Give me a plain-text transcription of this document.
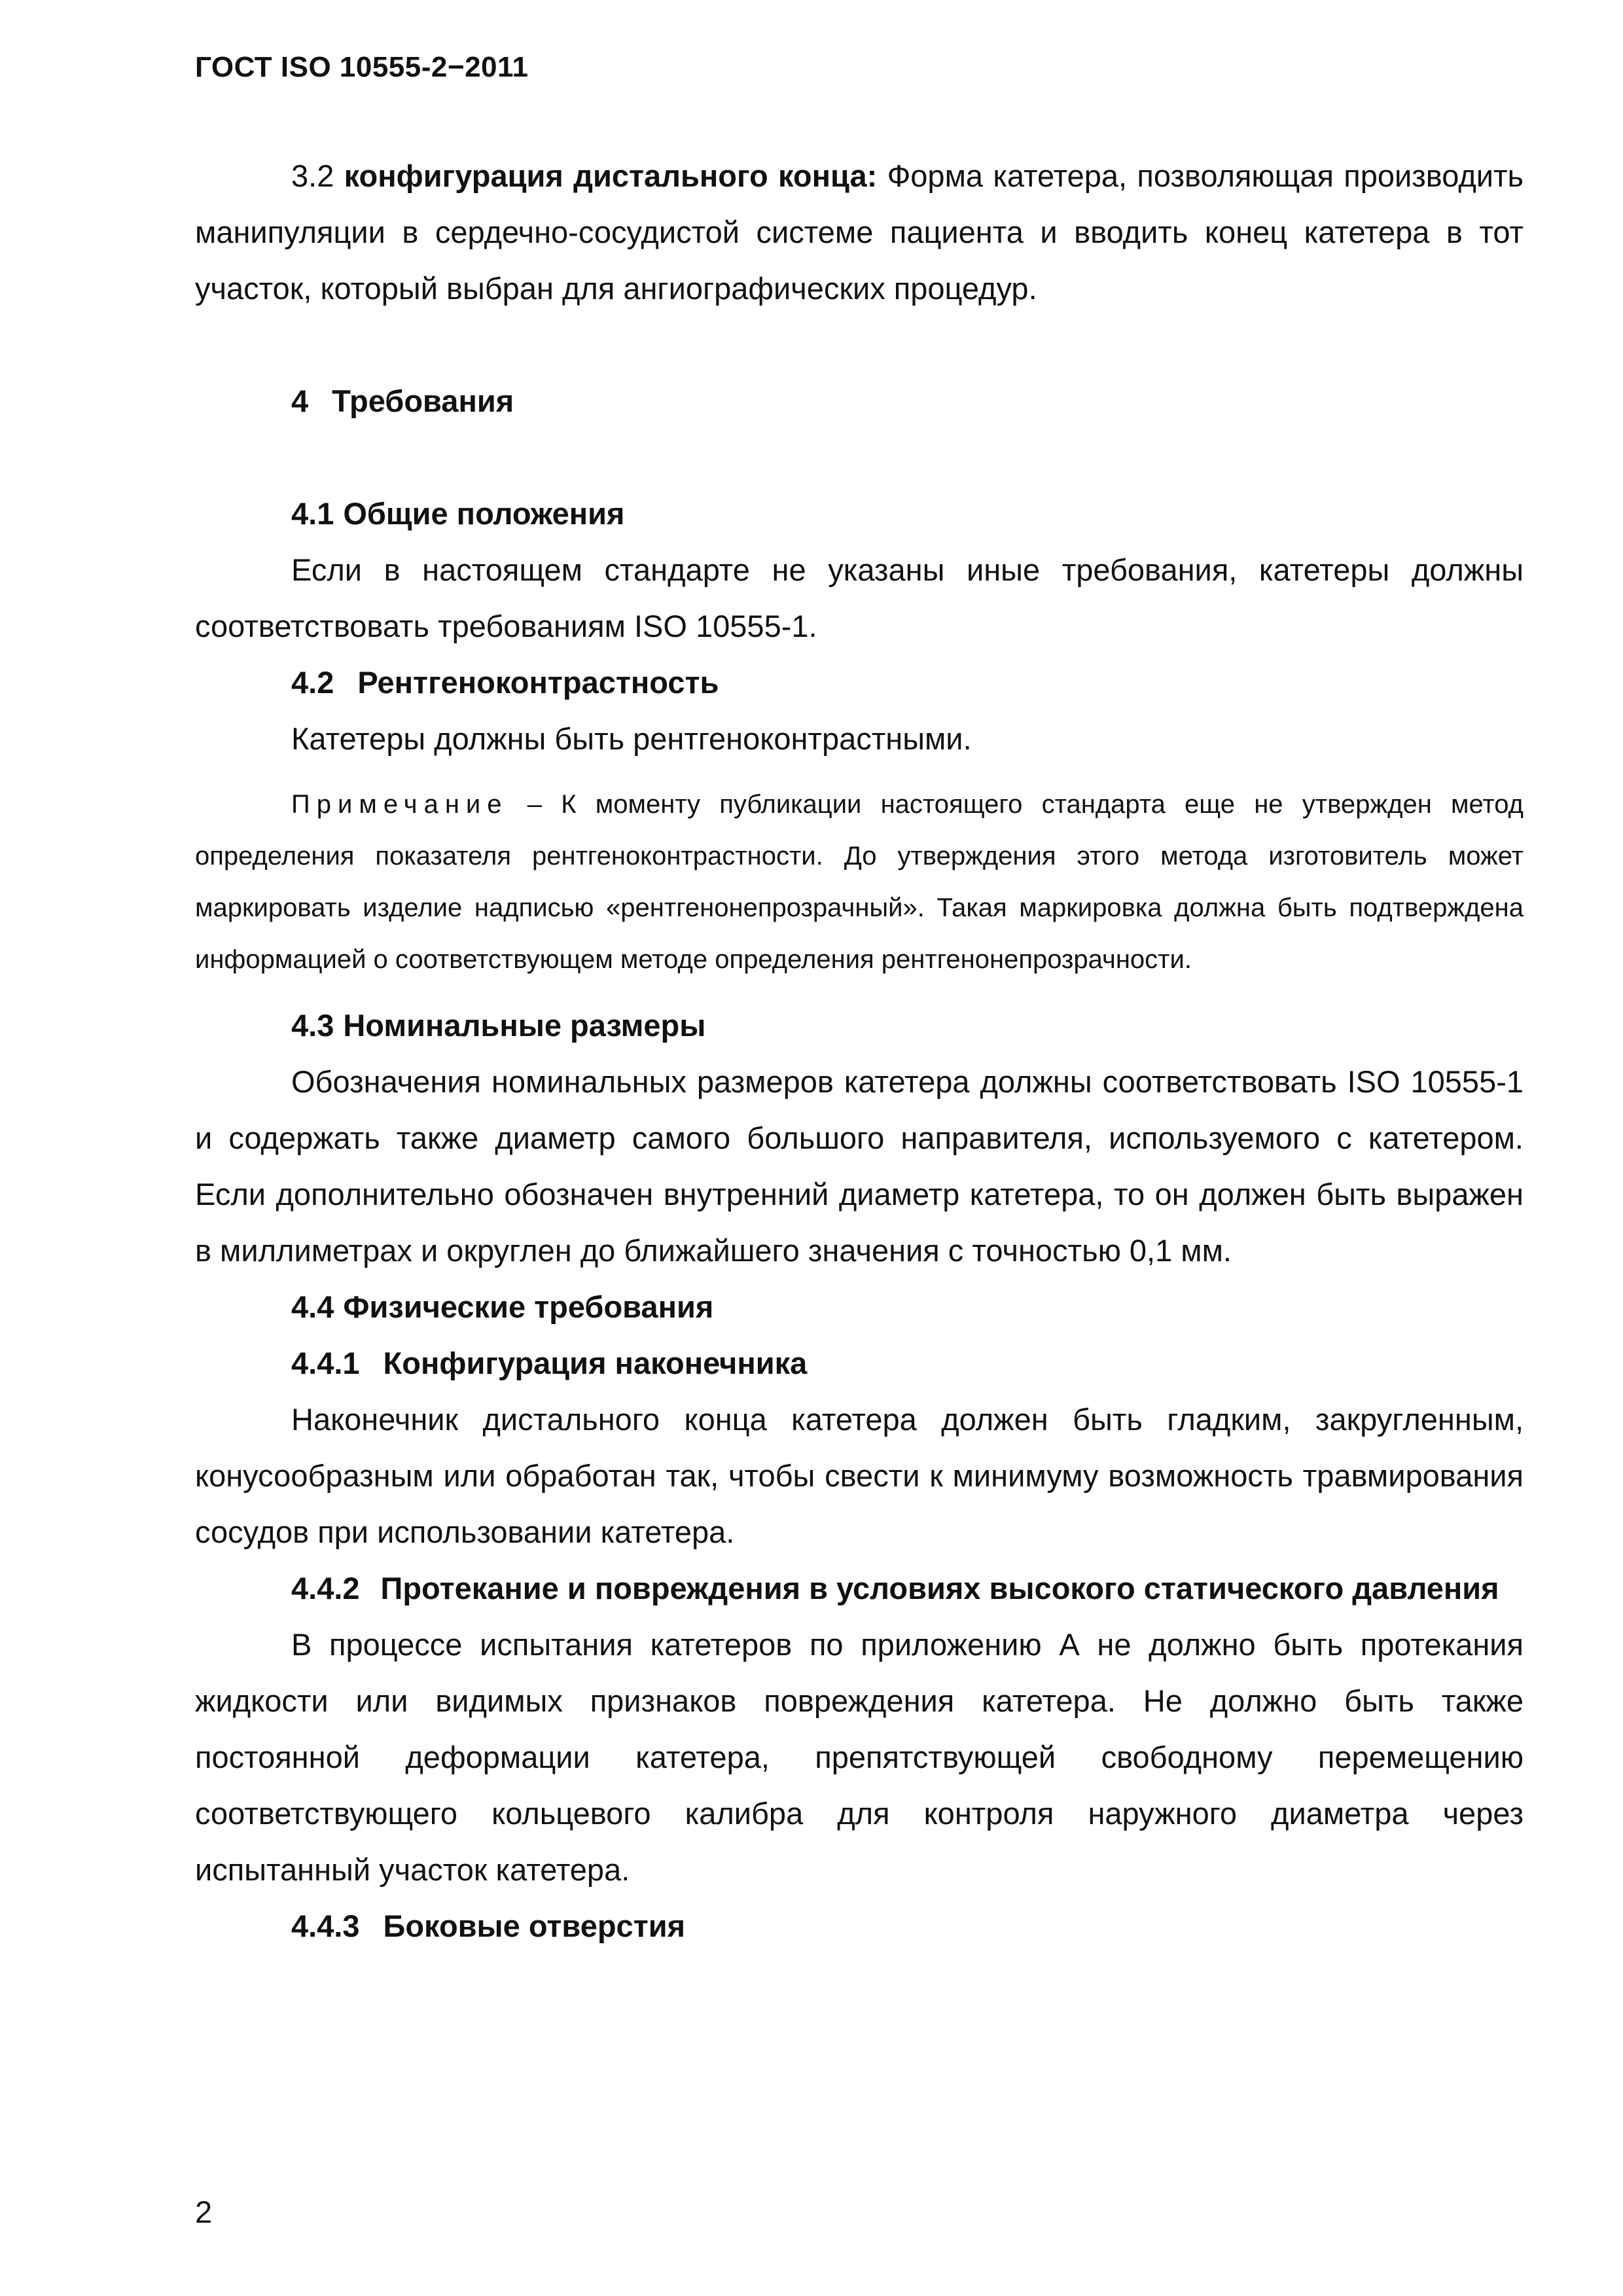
ГОСТ ISO 10555-2−2011

3.2 конфигурация дистального конца: Форма катетера, позволяющая производить манипуляции в сердечно-сосудистой системе пациента и вводить конец катетера в тот участок, который выбран для ангиографических процедур.

4 Требования
4.1 Общие положения

Если в настоящем стандарте не указаны иные требования, катетеры должны соответствовать требованиям ISO 10555-1.

4.2 Рентгеноконтрастность

Катетеры должны быть рентгеноконтрастными.

Примечание – К моменту публикации настоящего стандарта еще не утвержден метод определения показателя рентгеноконтрастности. До утверждения этого метода изготовитель может маркировать изделие надписью «рентгенонепрозрачный». Такая маркировка должна быть подтверждена информацией о соответствующем методе определения рентгенонепрозрачности.

4.3 Номинальные размеры

Обозначения номинальных размеров катетера должны соответствовать ISO 10555-1 и содержать также диаметр самого большого направителя, используемого с катетером. Если дополнительно обозначен внутренний диаметр катетера, то он должен быть выражен в миллиметрах и округлен до ближайшего значения с точностью 0,1 мм.

4.4 Физические требования
4.4.1 Конфигурация наконечника

Наконечник дистального конца катетера должен быть гладким, закругленным, конусообразным или обработан так, чтобы свести к минимуму возможность травмирования сосудов при использовании катетера.

4.4.2 Протекание и повреждения в условиях высокого статического давления

В процессе испытания катетеров по приложению А не должно быть протекания жидкости или видимых признаков повреждения катетера. Не должно быть также постоянной деформации катетера, препятствующей свободному перемещению соответствующего кольцевого калибра для контроля наружного диаметра через испытанный участок катетера.

4.4.3 Боковые отверстия
2
